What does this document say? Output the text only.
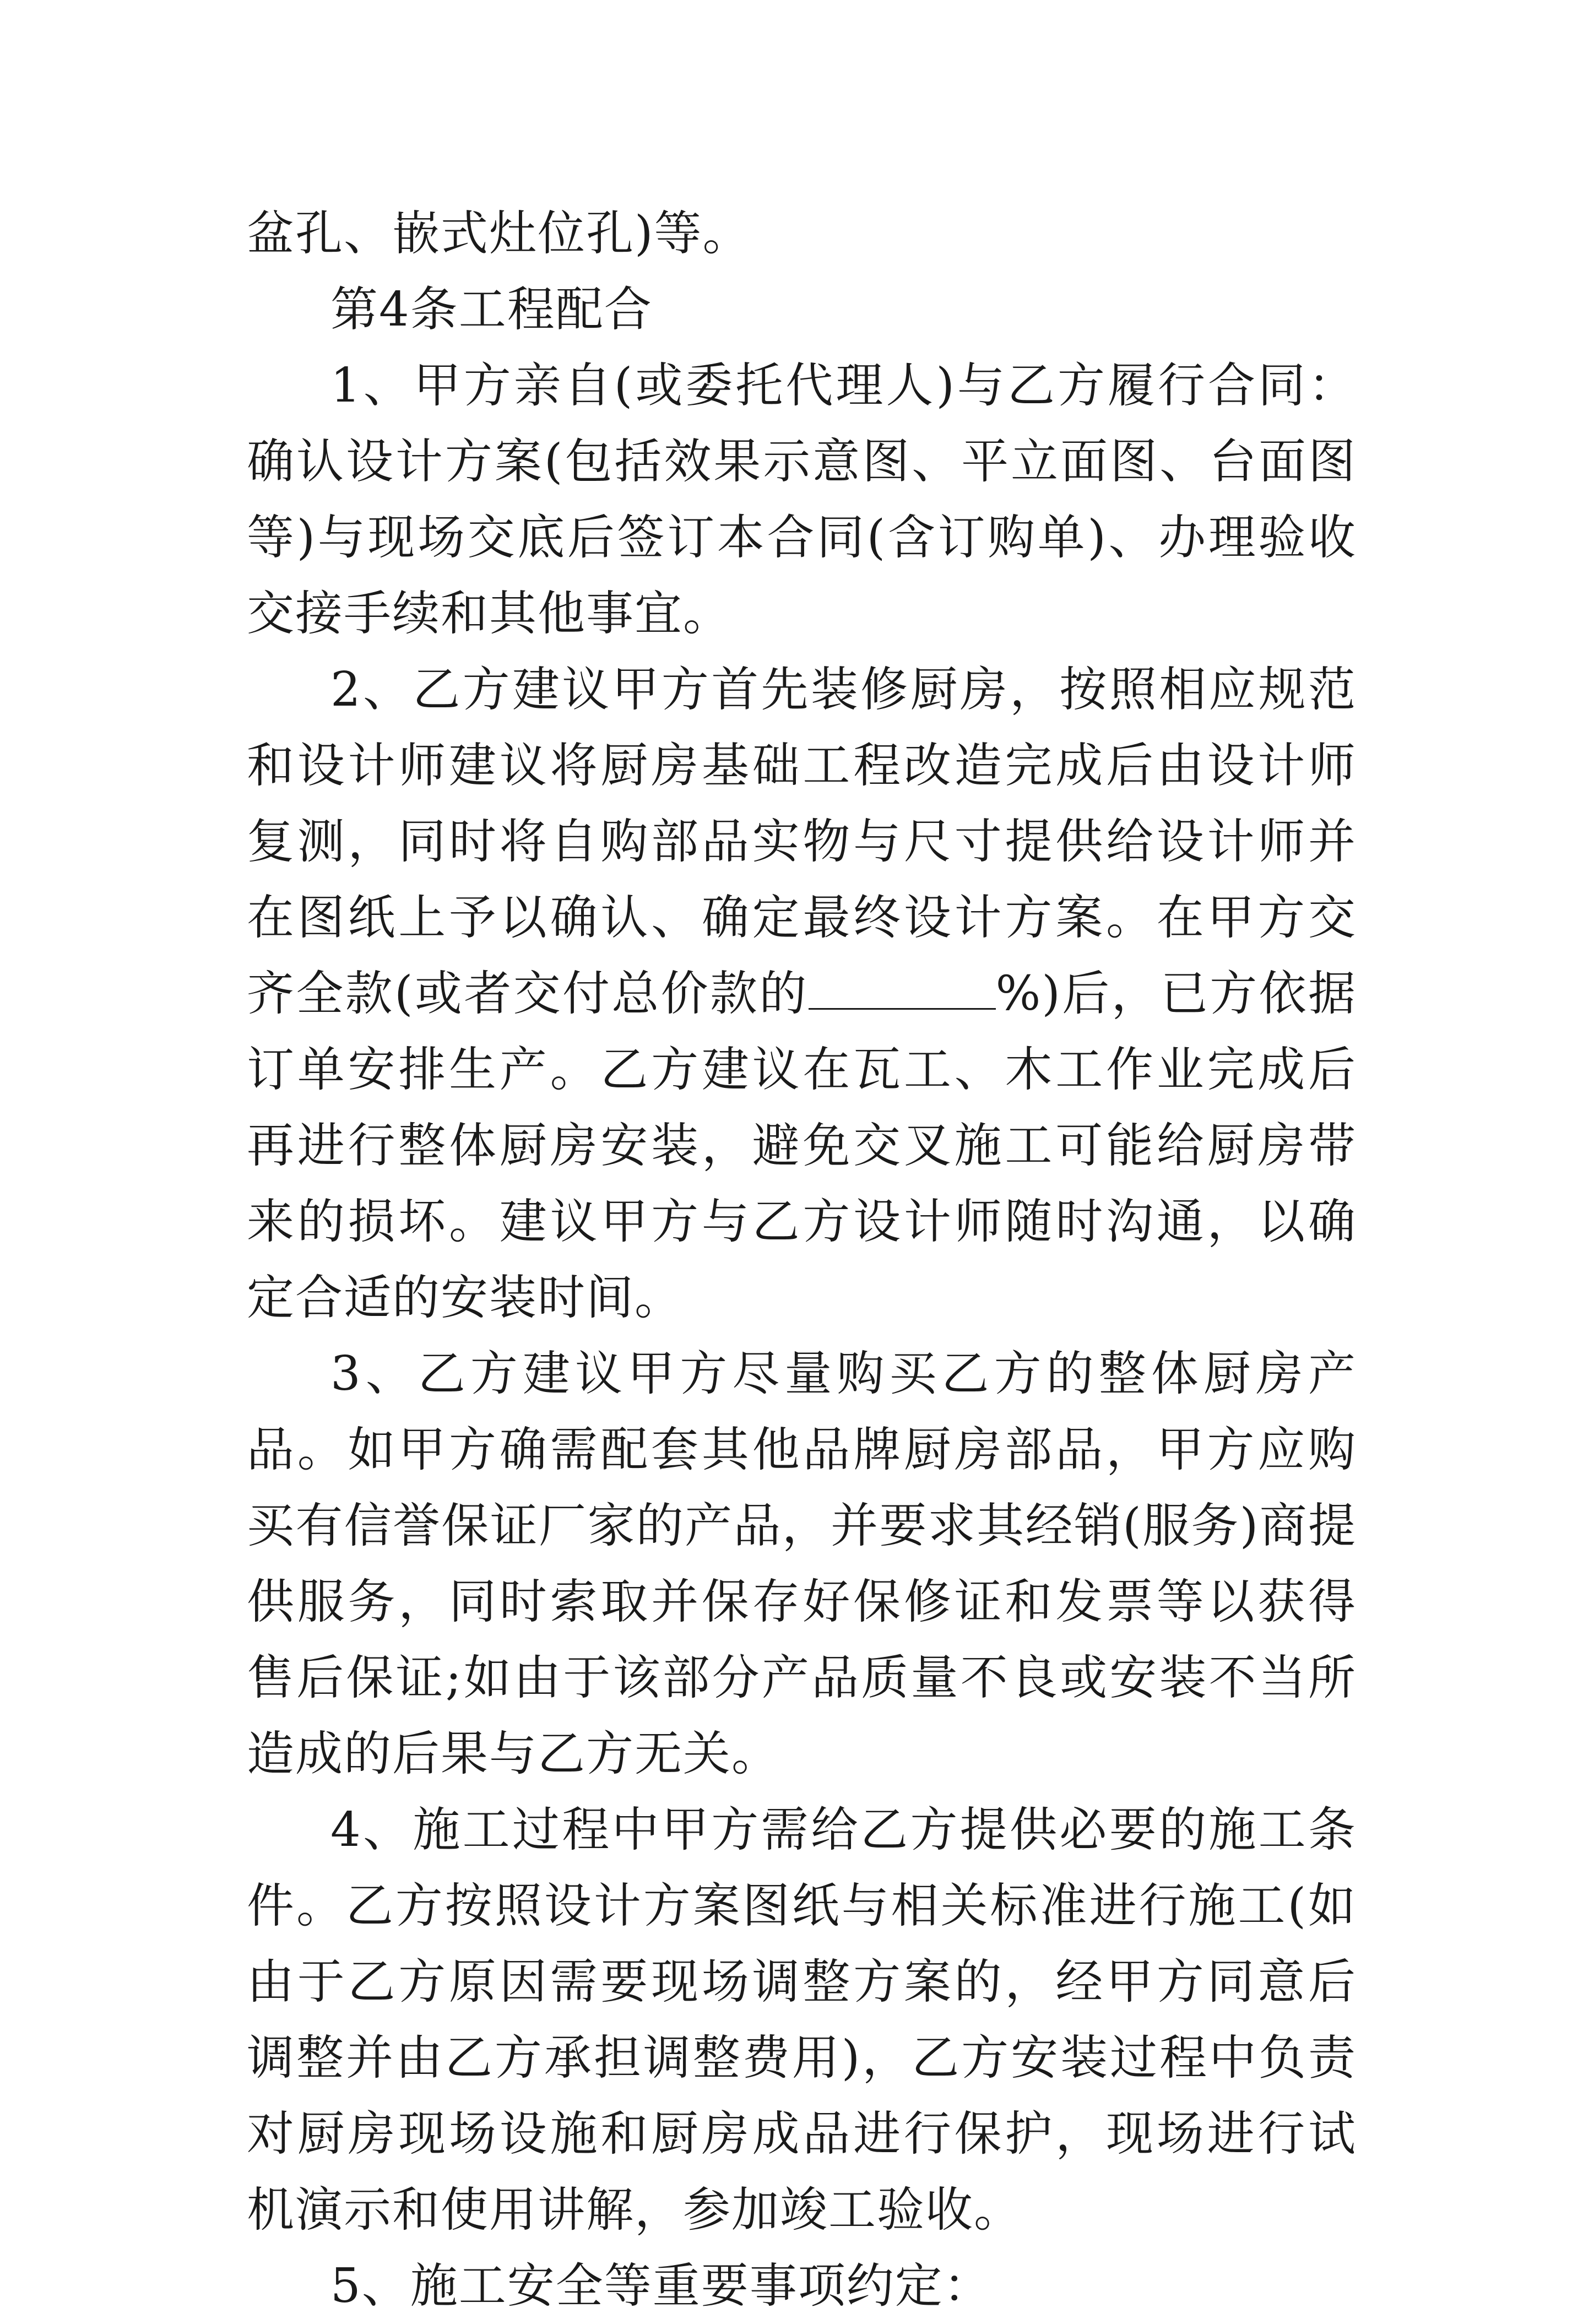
盆孔、嵌式灶位孔)等。

第4条工程配合

1、甲方亲自(或委托代理人)与乙方履行合同：确认设计方案(包括效果示意图、平立面图、台面图等)与现场交底后签订本合同(含订购单)、办理验收交接手续和其他事宜。

2、乙方建议甲方首先装修厨房，按照相应规范和设计师建议将厨房基础工程改造完成后由设计师复测，同时将自购部品实物与尺寸提供给设计师并在图纸上予以确认、确定最终设计方案。在甲方交齐全款(或者交付总价款的	%)后，已方依据订单安排生产。乙方建议在瓦工、木工作业完成后再进行整体厨房安装，避免交叉施工可能给厨房带来的损坏。建议甲方与乙方设计师随时沟通，以确定合适的安装时间。

3、乙方建议甲方尽量购买乙方的整体厨房产品。如甲方确需配套其他品牌厨房部品，甲方应购买有信誉保证厂家的产品，并要求其经销(服务)商提供服务，同时索取并保存好保修证和发票等以获得售后保证;如由于该部分产品质量不良或安装不当所造成的后果与乙方无关。

4、施工过程中甲方需给乙方提供必要的施工条件。乙方按照设计方案图纸与相关标准进行施工(如由于乙方原因需要现场调整方案的，经甲方同意后调整并由乙方承担调整费用)，乙方安装过程中负责对厨房现场设施和厨房成品进行保护，现场进行试机演示和使用讲解，参加竣工验收。

5、施工安全等重要事项约定：
